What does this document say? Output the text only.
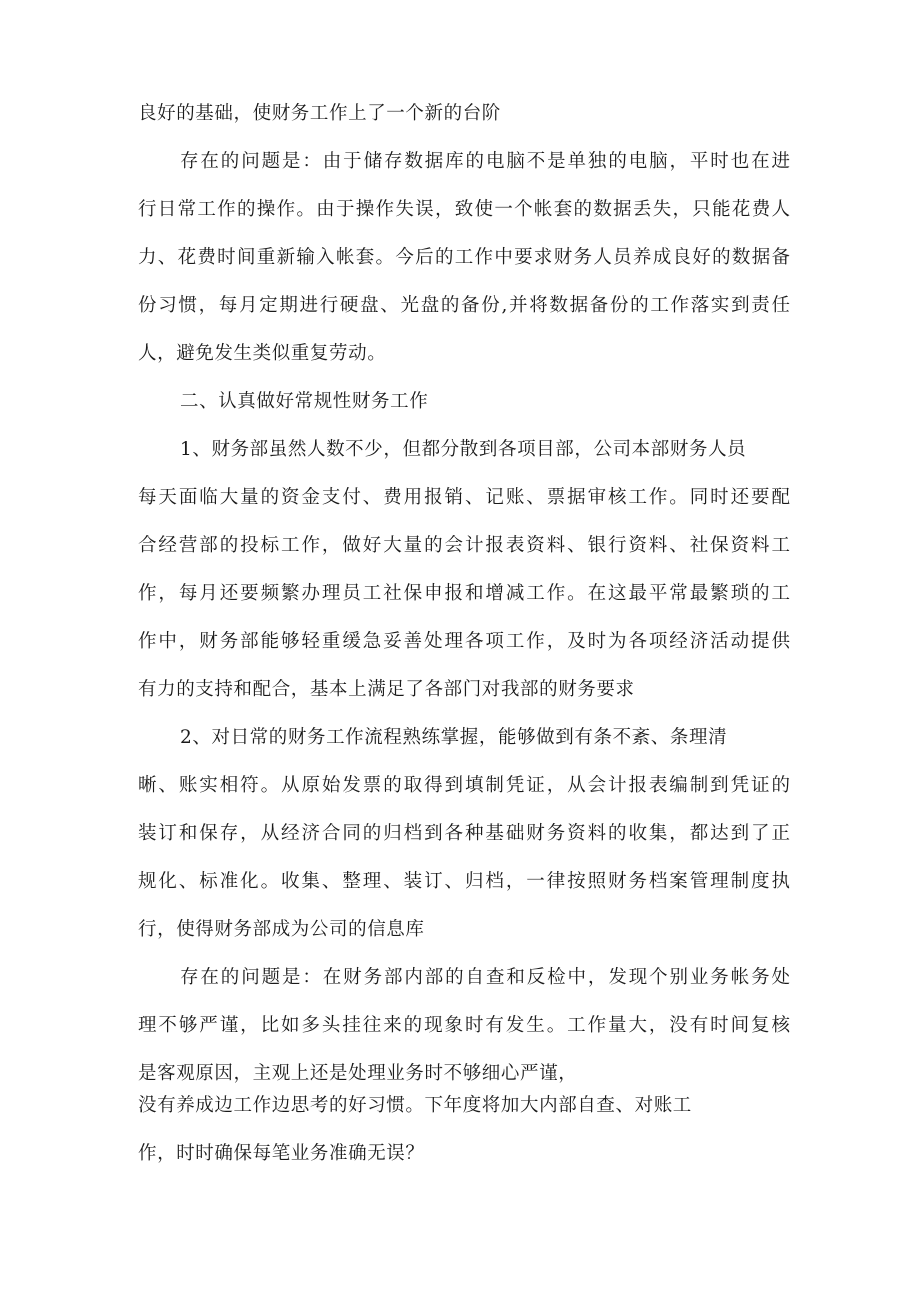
良好的基础，使财务工作上了一个新的台阶
存在的问题是：由于储存数据库的电脑不是单独的电脑，平时也在进
行日常工作的操作。由于操作失误，致使一个帐套的数据丢失，只能花费人
力、花费时间重新输入帐套。今后的工作中要求财务人员养成良好的数据备
份习惯，每月定期进行硬盘、光盘的备份,并将数据备份的工作落实到责任
人，避免发生类似重复劳动。
二、认真做好常规性财务工作
1、财务部虽然人数不少，但都分散到各项目部，公司本部财务人员
每天面临大量的资金支付、费用报销、记账、票据审核工作。同时还要配
合经营部的投标工作，做好大量的会计报表资料、银行资料、社保资料工
作，每月还要频繁办理员工社保申报和增减工作。在这最平常最繁琐的工
作中，财务部能够轻重缓急妥善处理各项工作，及时为各项经济活动提供
有力的支持和配合，基本上满足了各部门对我部的财务要求
2、对日常的财务工作流程熟练掌握，能够做到有条不紊、条理清
晰、账实相符。从原始发票的取得到填制凭证，从会计报表编制到凭证的
装订和保存，从经济合同的归档到各种基础财务资料的收集，都达到了正
规化、标准化。收集、整理、装订、归档，一律按照财务档案管理制度执
行，使得财务部成为公司的信息库
存在的问题是：在财务部内部的自查和反检中，发现个别业务帐务处
理不够严谨，比如多头挂往来的现象时有发生。工作量大，没有时间复核
是客观原因，主观上还是处理业务时不够细心严谨，
没有养成边工作边思考的好习惯。下年度将加大内部自查、对账工
作，时时确保每笔业务准确无误？
